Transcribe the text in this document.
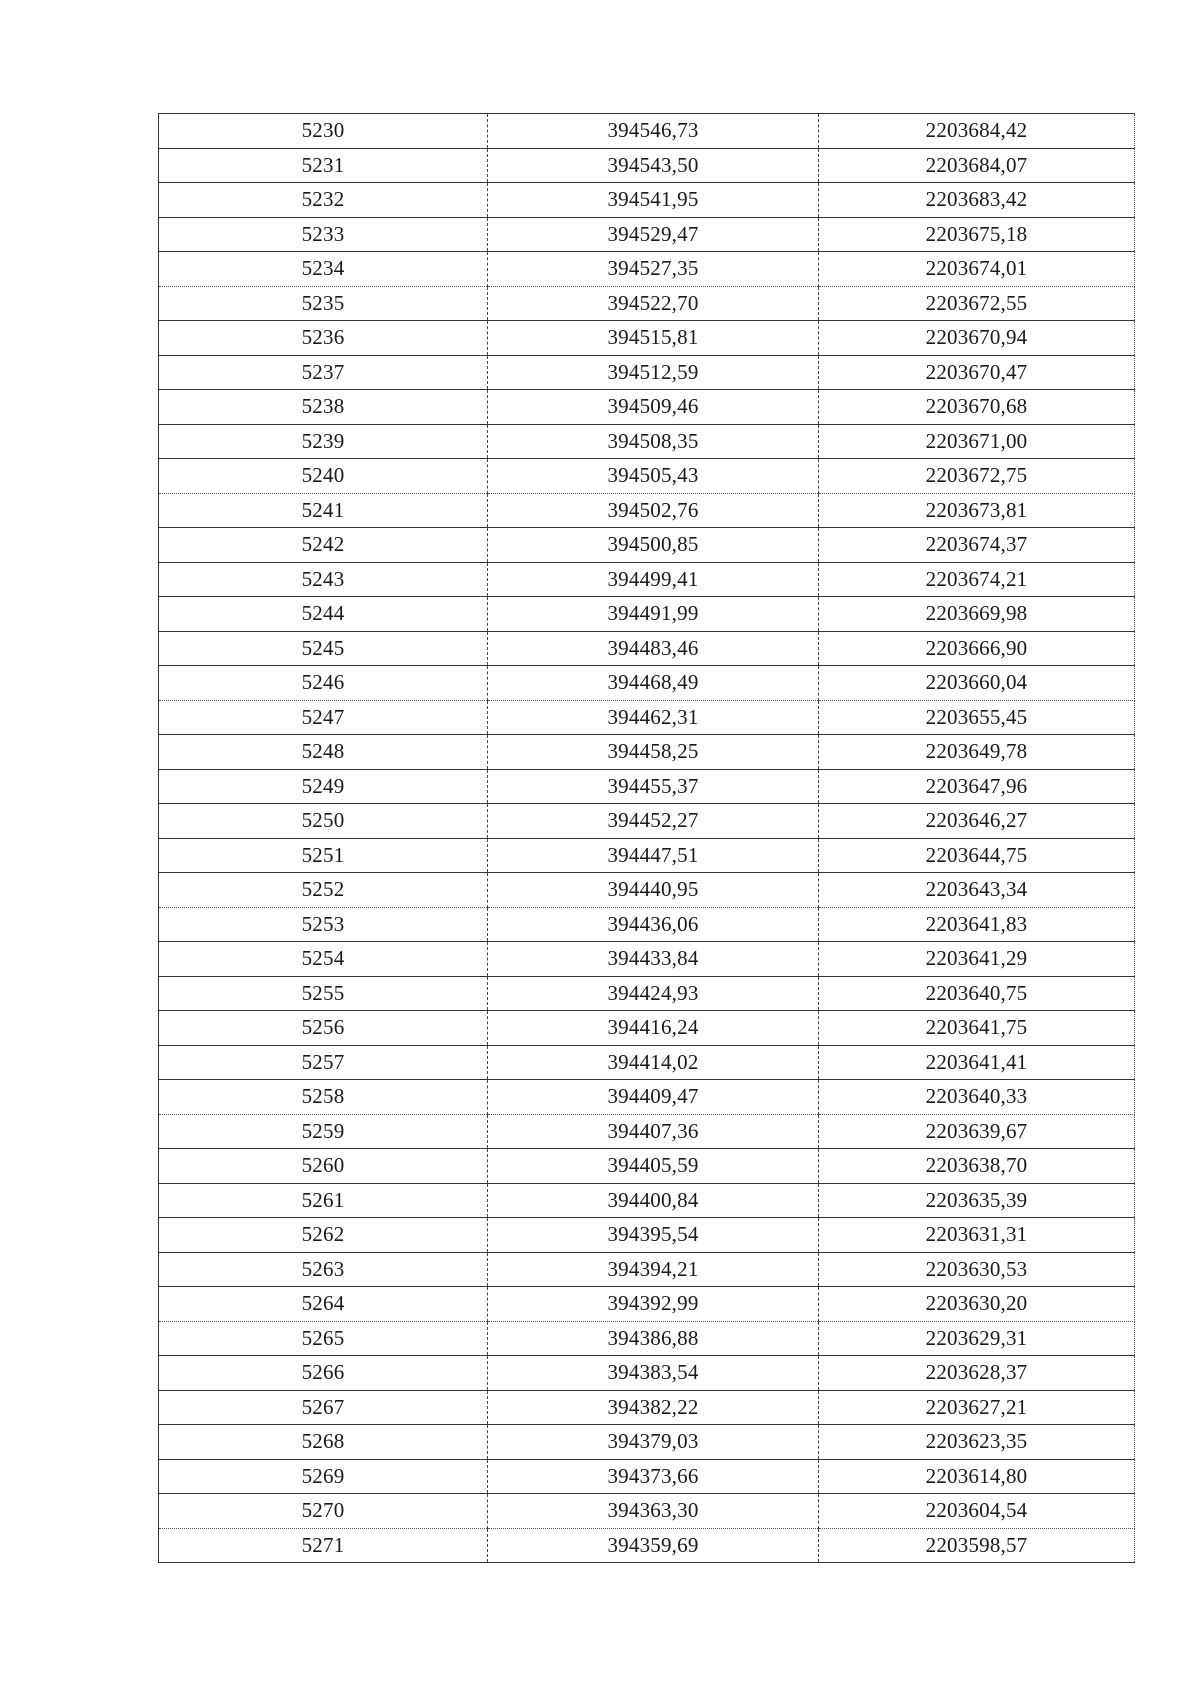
5230	394546,73	2203684,42
5231	394543,50	2203684,07
5232	394541,95	2203683,42
5233	394529,47	2203675,18
5234	394527,35	2203674,01
5235	394522,70	2203672,55
5236	394515,81	2203670,94
5237	394512,59	2203670,47
5238	394509,46	2203670,68
5239	394508,35	2203671,00
5240	394505,43	2203672,75
5241	394502,76	2203673,81
5242	394500,85	2203674,37
5243	394499,41	2203674,21
5244	394491,99	2203669,98
5245	394483,46	2203666,90
5246	394468,49	2203660,04
5247	394462,31	2203655,45
5248	394458,25	2203649,78
5249	394455,37	2203647,96
5250	394452,27	2203646,27
5251	394447,51	2203644,75
5252	394440,95	2203643,34
5253	394436,06	2203641,83
5254	394433,84	2203641,29
5255	394424,93	2203640,75
5256	394416,24	2203641,75
5257	394414,02	2203641,41
5258	394409,47	2203640,33
5259	394407,36	2203639,67
5260	394405,59	2203638,70
5261	394400,84	2203635,39
5262	394395,54	2203631,31
5263	394394,21	2203630,53
5264	394392,99	2203630,20
5265	394386,88	2203629,31
5266	394383,54	2203628,37
5267	394382,22	2203627,21
5268	394379,03	2203623,35
5269	394373,66	2203614,80
5270	394363,30	2203604,54
5271	394359,69	2203598,57
